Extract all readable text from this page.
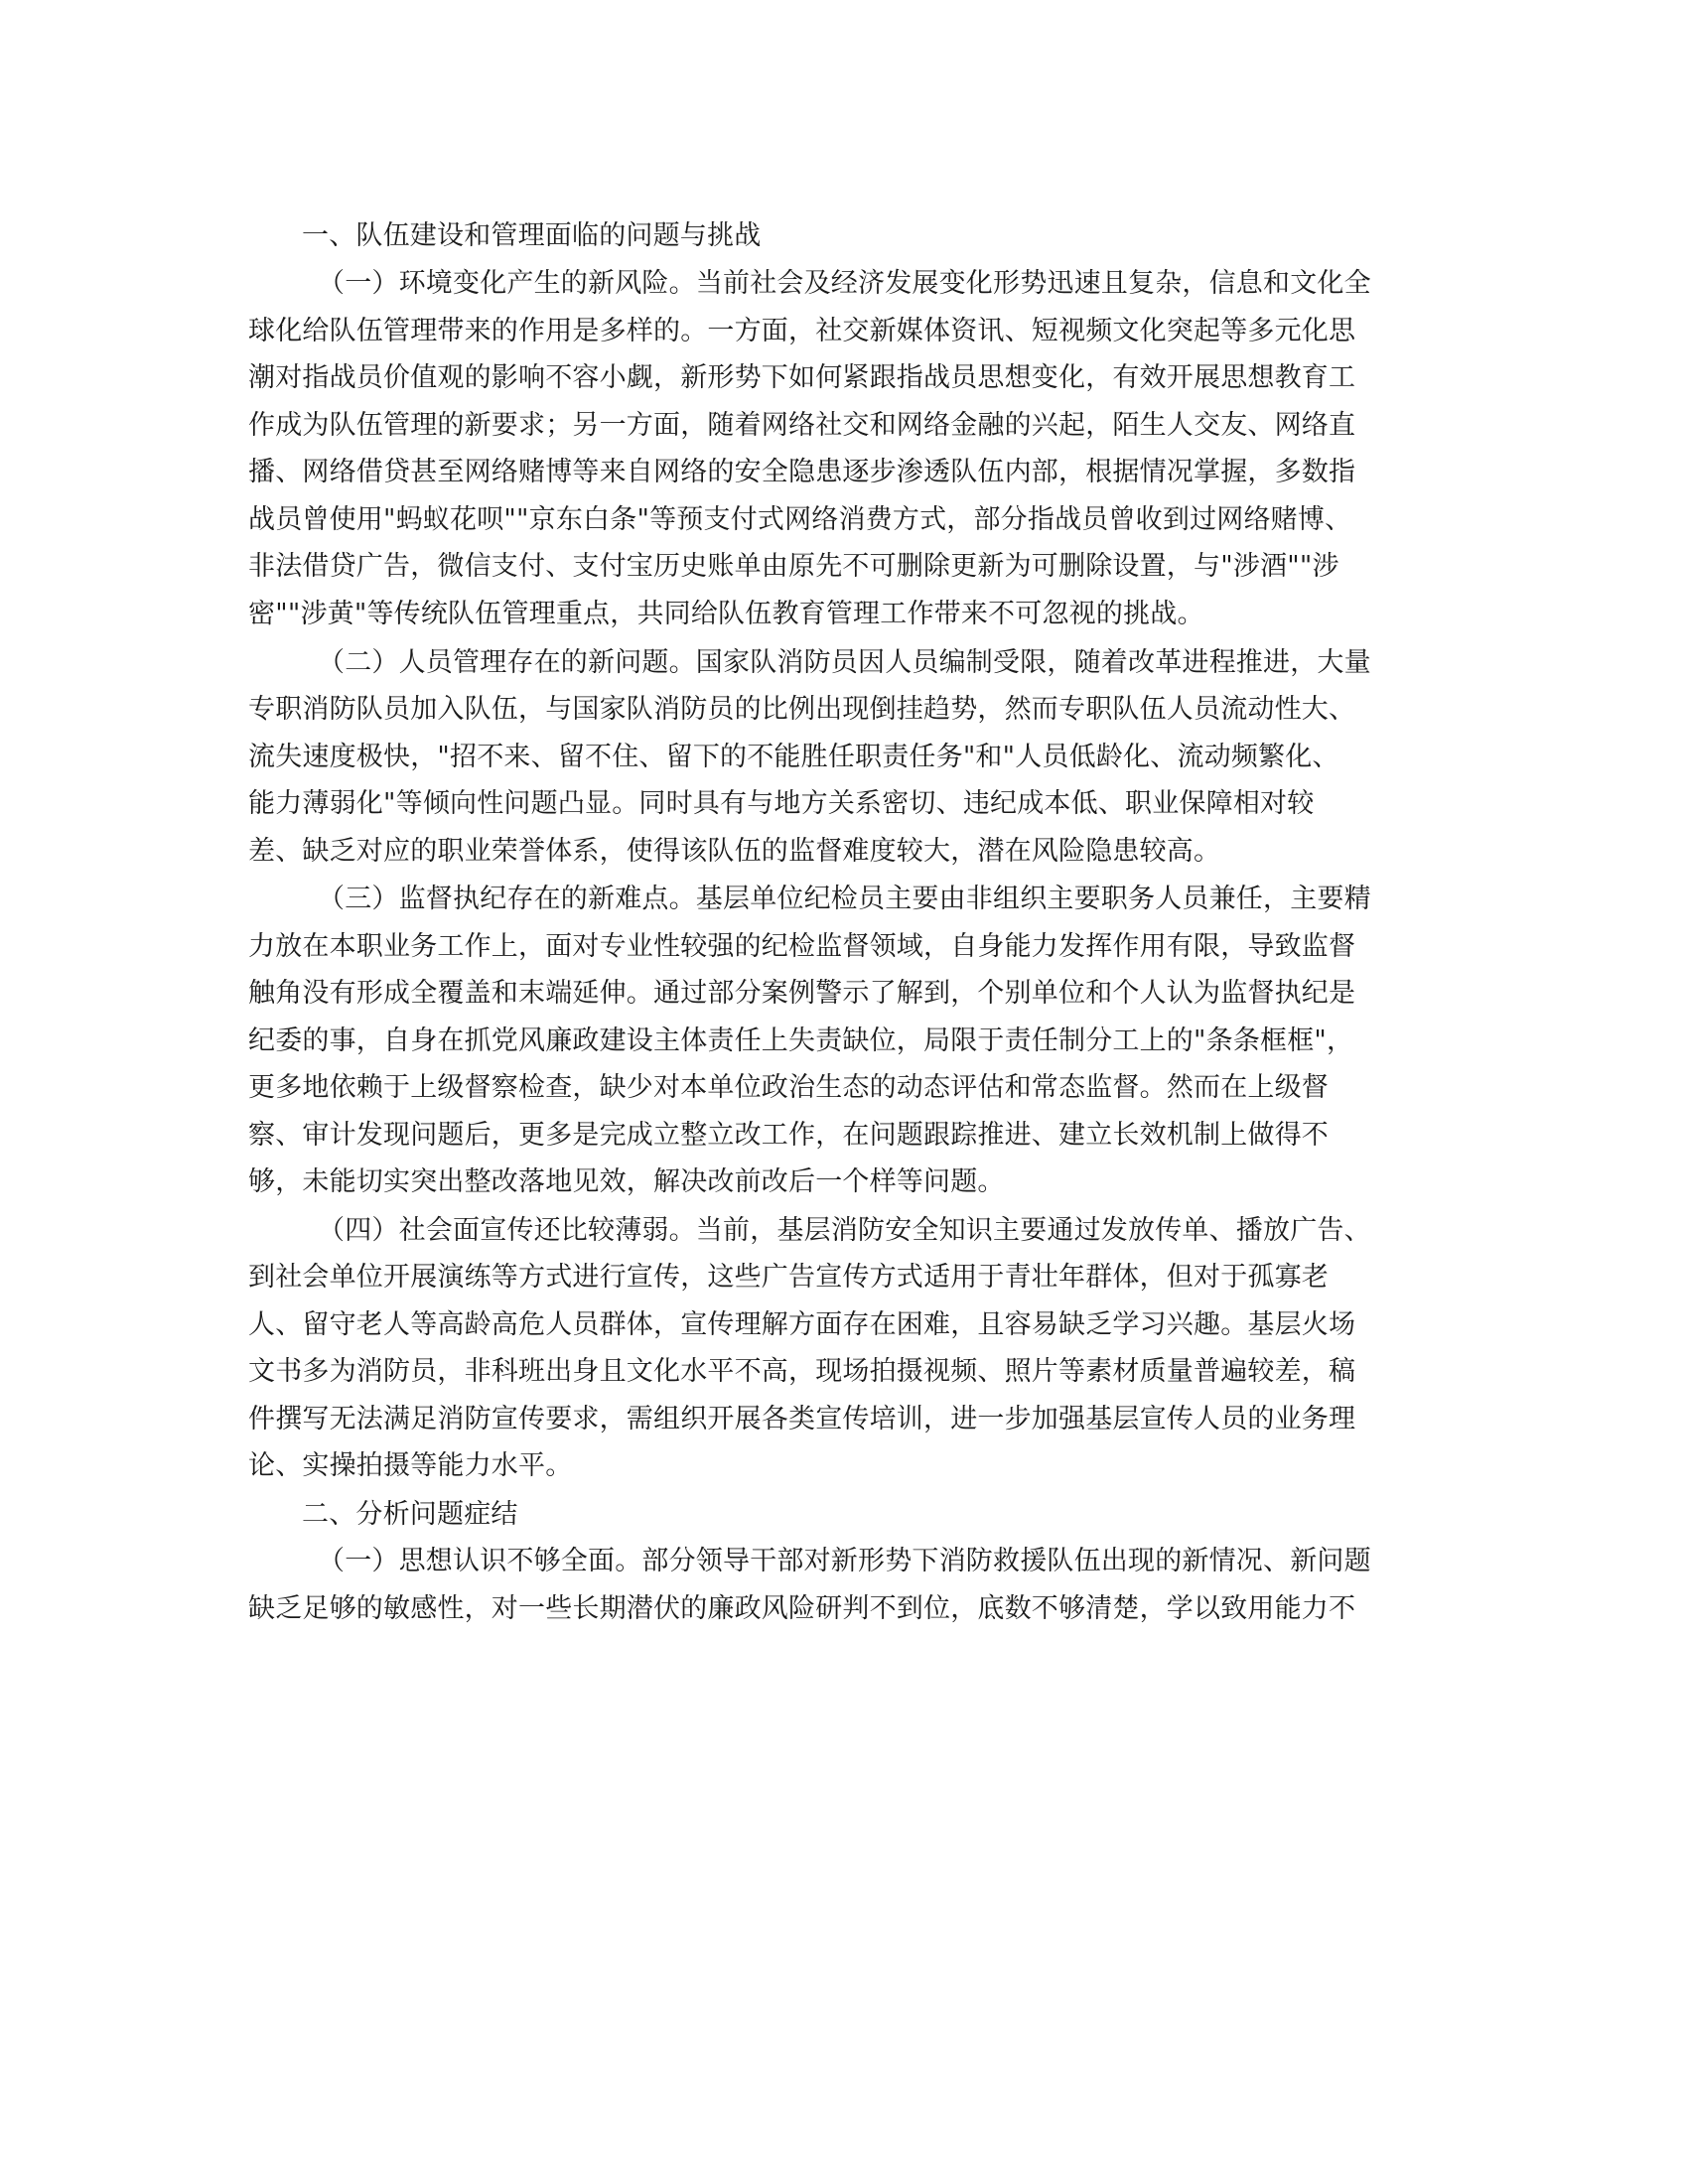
一、队伍建设和管理面临的问题与挑战
（一）环境变化产生的新风险。当前社会及经济发展变化形势迅速且复杂，信息和文化全
球化给队伍管理带来的作用是多样的。一方面，社交新媒体资讯、短视频文化突起等多元化思
潮对指战员价值观的影响不容小觑，新形势下如何紧跟指战员思想变化，有效开展思想教育工
作成为队伍管理的新要求；另一方面，随着网络社交和网络金融的兴起，陌生人交友、网络直
播、网络借贷甚至网络赌博等来自网络的安全隐患逐步渗透队伍内部，根据情况掌握，多数指
战员曾使用"蚂蚁花呗""京东白条"等预支付式网络消费方式，部分指战员曾收到过网络赌博、
非法借贷广告，微信支付、支付宝历史账单由原先不可删除更新为可删除设置，与"涉酒""涉
密""涉黄"等传统队伍管理重点，共同给队伍教育管理工作带来不可忽视的挑战。
（二）人员管理存在的新问题。国家队消防员因人员编制受限，随着改革进程推进，大量
专职消防队员加入队伍，与国家队消防员的比例出现倒挂趋势，然而专职队伍人员流动性大、
流失速度极快，"招不来、留不住、留下的不能胜任职责任务"和"人员低龄化、流动频繁化、
能力薄弱化"等倾向性问题凸显。同时具有与地方关系密切、违纪成本低、职业保障相对较
差、缺乏对应的职业荣誉体系，使得该队伍的监督难度较大，潜在风险隐患较高。
（三）监督执纪存在的新难点。基层单位纪检员主要由非组织主要职务人员兼任，主要精
力放在本职业务工作上，面对专业性较强的纪检监督领域，自身能力发挥作用有限，导致监督
触角没有形成全覆盖和末端延伸。通过部分案例警示了解到，个别单位和个人认为监督执纪是
纪委的事，自身在抓党风廉政建设主体责任上失责缺位，局限于责任制分工上的"条条框框"，
更多地依赖于上级督察检查，缺少对本单位政治生态的动态评估和常态监督。然而在上级督
察、审计发现问题后，更多是完成立整立改工作，在问题跟踪推进、建立长效机制上做得不
够，未能切实突出整改落地见效，解决改前改后一个样等问题。
（四）社会面宣传还比较薄弱。当前，基层消防安全知识主要通过发放传单、播放广告、
到社会单位开展演练等方式进行宣传，这些广告宣传方式适用于青壮年群体，但对于孤寡老
人、留守老人等高龄高危人员群体，宣传理解方面存在困难，且容易缺乏学习兴趣。基层火场
文书多为消防员，非科班出身且文化水平不高，现场拍摄视频、照片等素材质量普遍较差，稿
件撰写无法满足消防宣传要求，需组织开展各类宣传培训，进一步加强基层宣传人员的业务理
论、实操拍摄等能力水平。
二、分析问题症结
（一）思想认识不够全面。部分领导干部对新形势下消防救援队伍出现的新情况、新问题
缺乏足够的敏感性，对一些长期潜伏的廉政风险研判不到位，底数不够清楚，学以致用能力不
